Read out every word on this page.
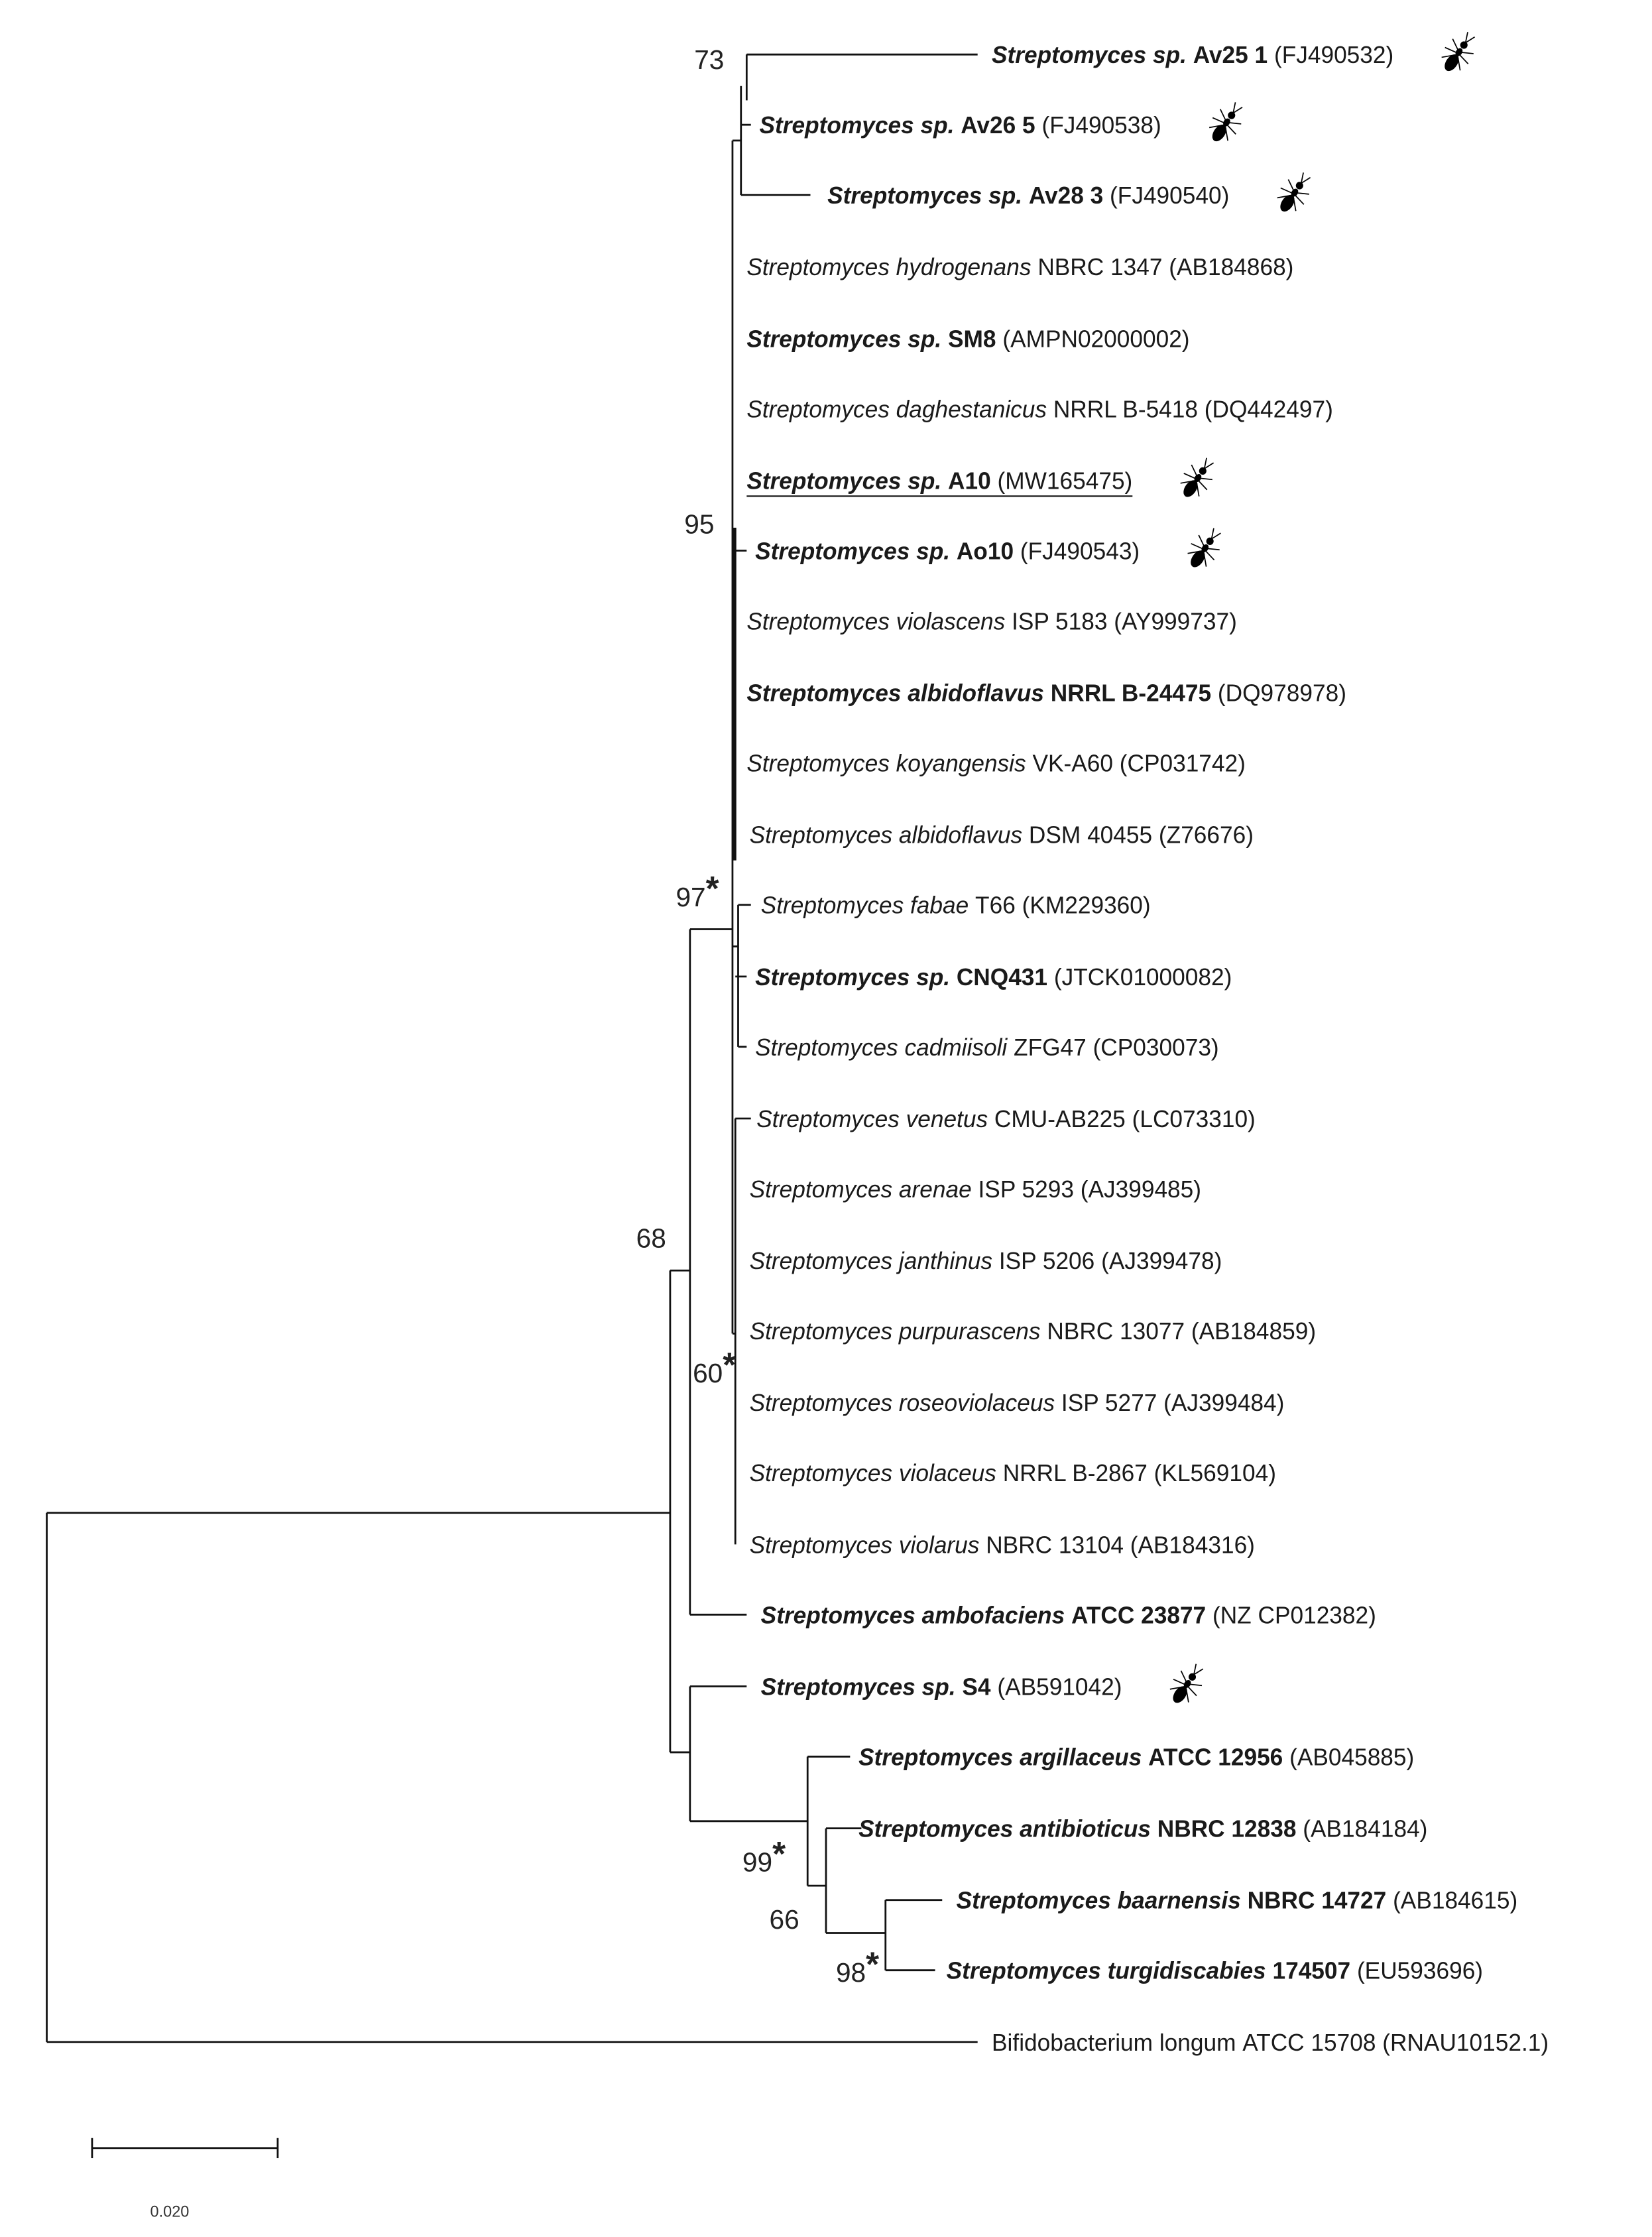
Streptomyces sp. Av25 1 (FJ490532)
Streptomyces sp. Av26 5 (FJ490538)
Streptomyces sp. Av28 3 (FJ490540)
Streptomyces hydrogenans NBRC 1347 (AB184868)
Streptomyces sp. SM8 (AMPN02000002)
Streptomyces daghestanicus NRRL B-5418 (DQ442497)
Streptomyces sp. A10 (MW165475)
Streptomyces sp. Ao10 (FJ490543)
Streptomyces violascens ISP 5183 (AY999737)
Streptomyces albidoflavus NRRL B-24475 (DQ978978)
Streptomyces koyangensis VK-A60 (CP031742)
Streptomyces albidoflavus DSM 40455 (Z76676)
Streptomyces fabae T66 (KM229360)
Streptomyces sp. CNQ431 (JTCK01000082)
Streptomyces cadmiisoli ZFG47 (CP030073)
Streptomyces venetus CMU-AB225 (LC073310)
Streptomyces arenae ISP 5293 (AJ399485)
Streptomyces janthinus ISP 5206 (AJ399478)
Streptomyces purpurascens NBRC 13077 (AB184859)
Streptomyces roseoviolaceus ISP 5277 (AJ399484)
Streptomyces violaceus NRRL B-2867 (KL569104)
Streptomyces violarus NBRC 13104 (AB184316)
Streptomyces ambofaciens ATCC 23877 (NZ CP012382)
Streptomyces sp. S4 (AB591042)
Streptomyces argillaceus ATCC 12956 (AB045885)
Streptomyces antibioticus NBRC 12838 (AB184184)
Streptomyces baarnensis NBRC 14727 (AB184615)
Streptomyces turgidiscabies 174507 (EU593696)
Bifidobacterium longum ATCC 15708 (RNAU10152.1)
73
95
97*
68
60*
99*
66
98*
0.020
